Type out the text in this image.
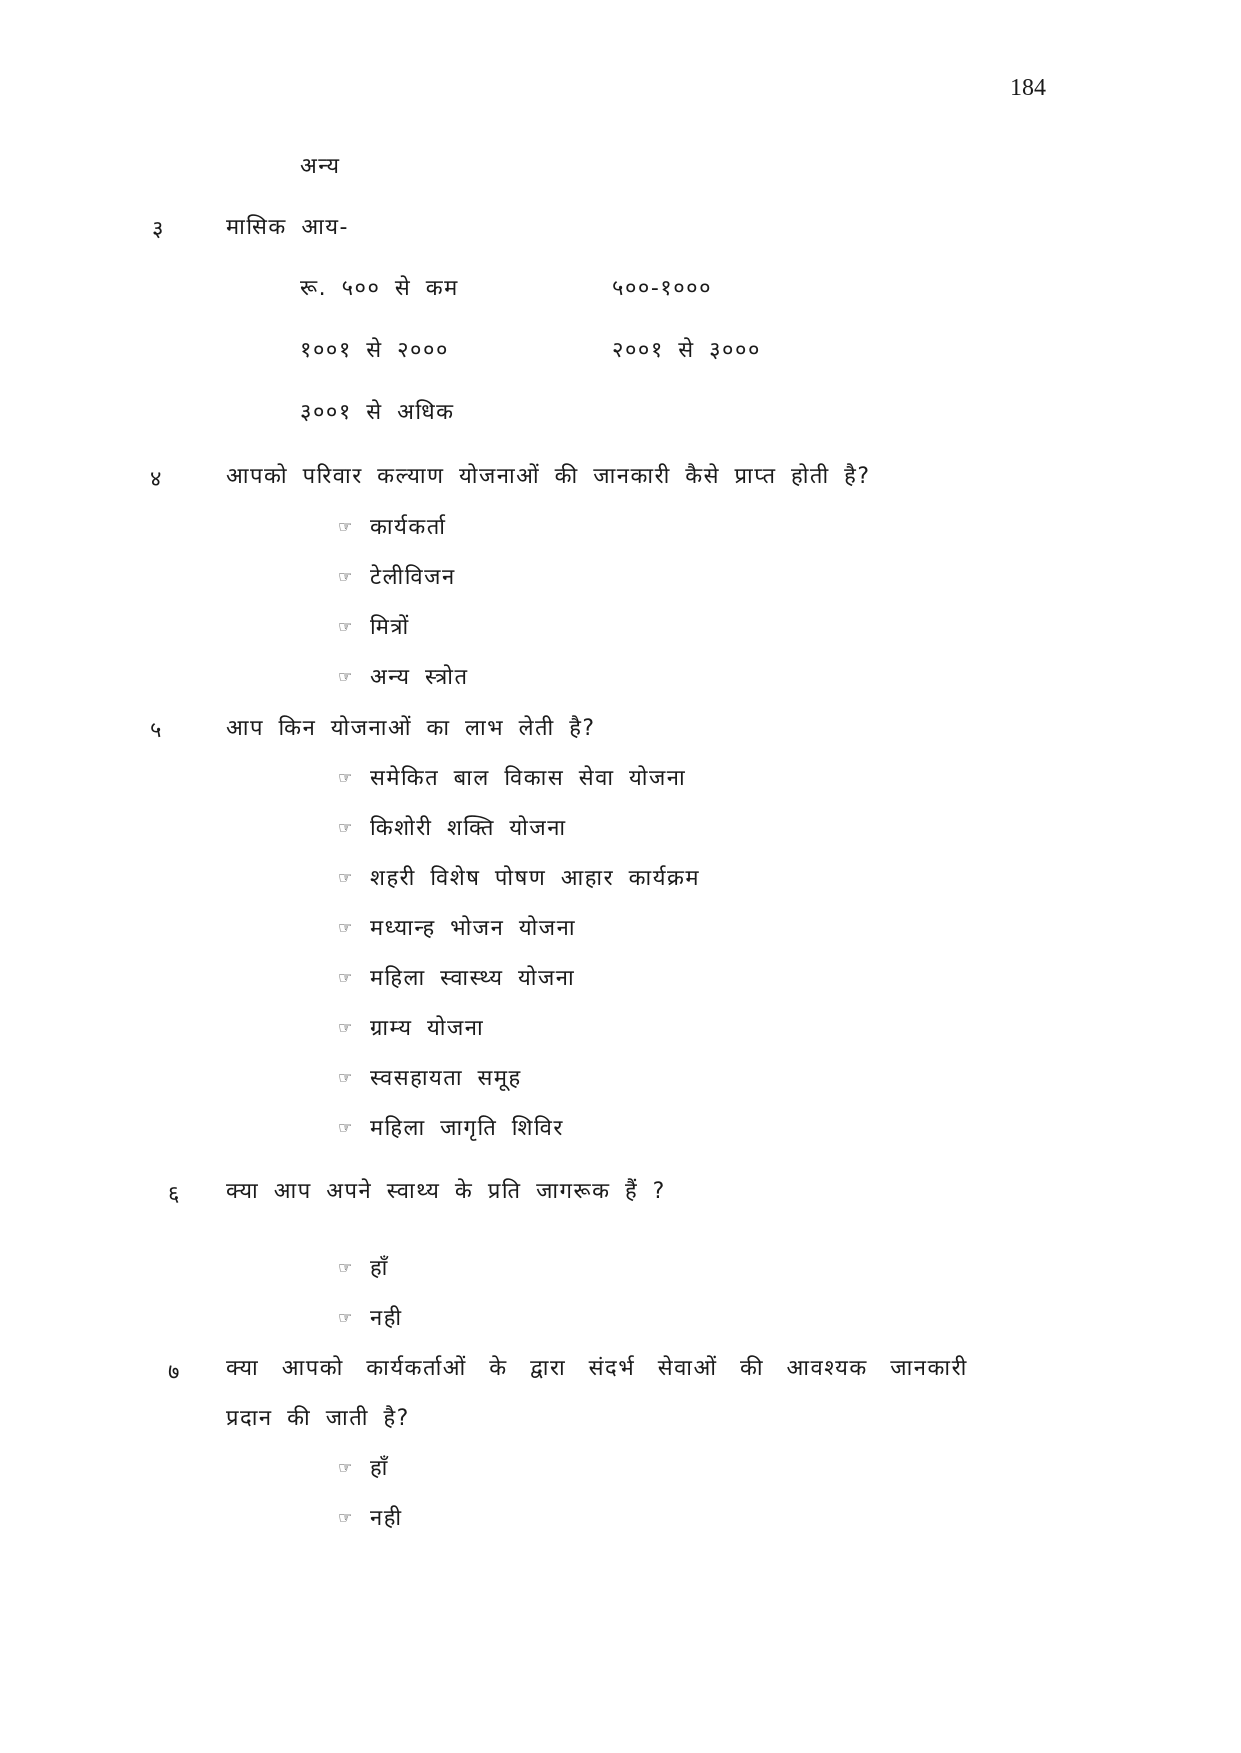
184
अन्य
३	मासिक आय-
रू. ५०० से कम	५००-१०००
१००१ से २०००	२००१ से ३०००
३००१ से अधिक
४	आपको परिवार कल्याण योजनाओं की जानकारी कैसे प्राप्त होती है?
☞ कार्यकर्ता
☞ टेलीविजन
☞ मित्रों
☞ अन्य स्त्रोत
५	आप किन योजनाओं का लाभ लेती है?
☞ समेकित बाल विकास सेवा योजना
☞ किशोरी शक्ति योजना
☞ शहरी विशेष पोषण आहार कार्यक्रम
☞ मध्यान्ह भोजन योजना
☞ महिला स्वास्थ्य योजना
☞ ग्राम्य योजना
☞ स्वसहायता समूह
☞ महिला जागृति शिविर
६ क्या आप अपने स्वाथ्य के प्रति जागरूक हैं ?
☞ हॉं
☞ नही
७ क्या आपको कार्यकर्ताओं के द्वारा संदर्भ सेवाओं की आवश्यक जानकारी
प्रदान की जाती है?
☞ हॉं
☞ नही
